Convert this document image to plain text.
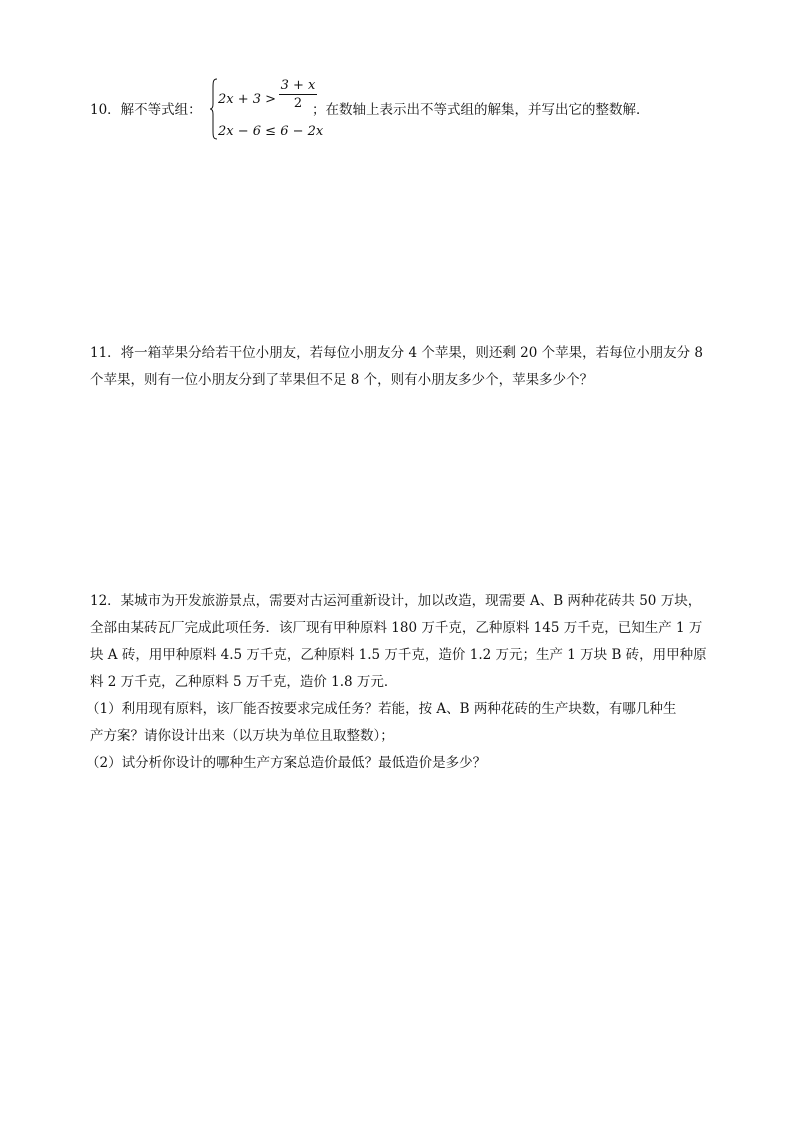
10．解不等式组：
2x + 3 >
3 + x
2
2x − 6 ≤ 6 − 2x
；在数轴上表示出不等式组的解集，并写出它的整数解．

11．将一箱苹果分给若干位小朋友，若每位小朋友分 4 个苹果，则还剩 20 个苹果，若每位小朋友分 8

个苹果，则有一位小朋友分到了苹果但不足 8 个，则有小朋友多少个，苹果多少个？

12．某城市为开发旅游景点，需要对古运河重新设计，加以改造，现需要 A、B 两种花砖共 50 万块，

全部由某砖瓦厂完成此项任务．该厂现有甲种原料 180 万千克，乙种原料 145 万千克，已知生产 1 万

块 A 砖，用甲种原料 4.5 万千克，乙种原料 1.5 万千克，造价 1.2 万元；生产 1 万块 B 砖，用甲种原

料 2 万千克，乙种原料 5 万千克，造价 1.8 万元．

（1）利用现有原料，该厂能否按要求完成任务？若能，按 A、B 两种花砖的生产块数，有哪几种生

产方案？请你设计出来（以万块为单位且取整数）；

（2）试分析你设计的哪种生产方案总造价最低？最低造价是多少？
